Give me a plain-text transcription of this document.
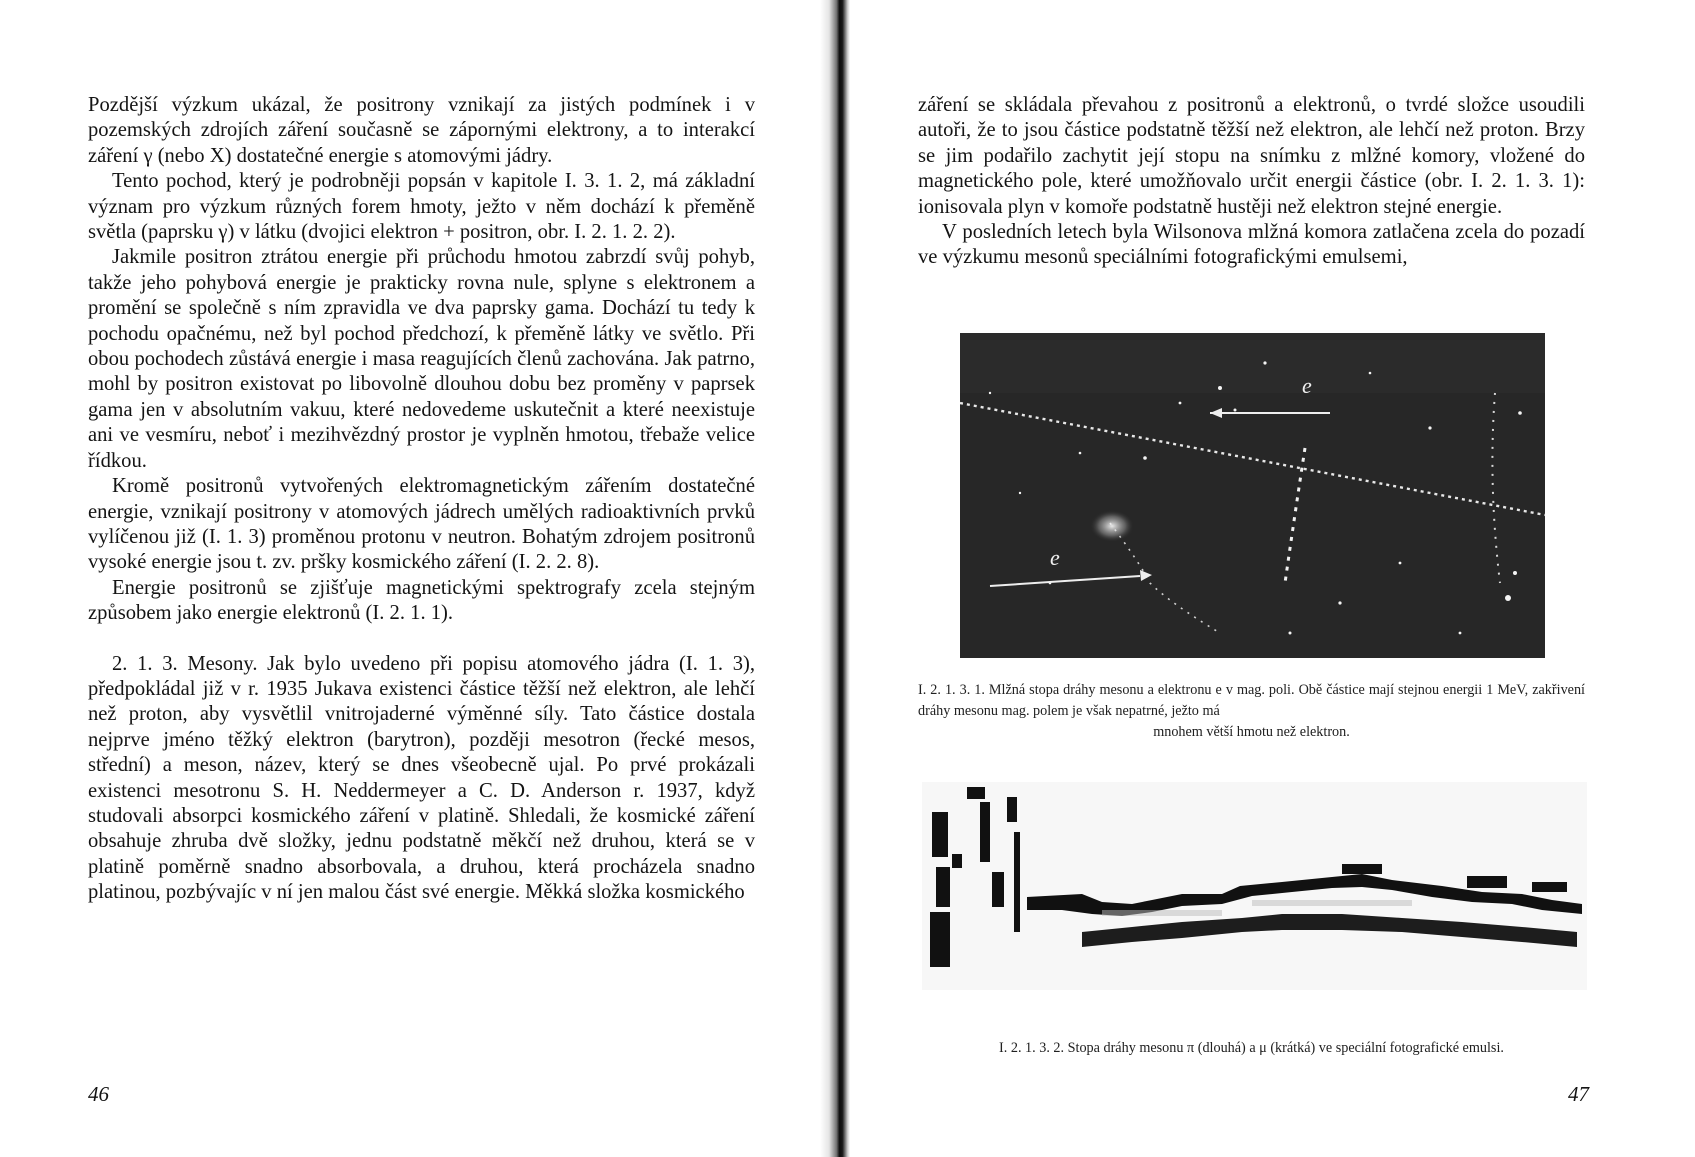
Pozdější výzkum ukázal, že positrony vznikají za jistých podmínek i v pozemských zdrojích záření současně se zápornými elektrony, a to interakcí záření γ (nebo X) dostatečné energie s atomovými jádry.

Tento pochod, který je podrobněji popsán v kapitole I. 3. 1. 2, má základní význam pro výzkum různých forem hmoty, ježto v něm dochází k přeměně světla (paprsku γ) v látku (dvojici elektron + positron, obr. I. 2. 1. 2. 2).

Jakmile positron ztrátou energie při průchodu hmotou zabrzdí svůj pohyb, takže jeho pohybová energie je prakticky rovna nule, splyne s elektronem a promění se společně s ním zpravidla ve dva paprsky gama. Dochází tu tedy k pochodu opačnému, než byl pochod předchozí, k přeměně látky ve světlo. Při obou pochodech zůstává energie i masa reagujících členů zachována. Jak patrno, mohl by positron existovat po libovolně dlouhou dobu bez proměny v paprsek gama jen v absolutním vakuu, které nedovedeme uskutečnit a které neexistuje ani ve vesmíru, neboť i mezihvězdný prostor je vyplněn hmotou, třebaže velice řídkou.

Kromě positronů vytvořených elektromagnetickým zářením dostatečné energie, vznikají positrony v atomových jádrech umělých radioaktivních prvků vylíčenou již (I. 1. 3) proměnou protonu v neutron. Bohatým zdrojem positronů vysoké energie jsou t. zv. pršky kosmického záření (I. 2. 2. 8).

Energie positronů se zjišťuje magnetickými spektrografy zcela stejným způsobem jako energie elektronů (I. 2. 1. 1).

2. 1. 3. Mesony. Jak bylo uvedeno při popisu atomového jádra (I. 1. 3), předpokládal již v r. 1935 Jukava existenci částice těžší než elektron, ale lehčí než proton, aby vysvětlil vnitrojaderné výměnné síly. Tato částice dostala nejprve jméno těžký elektron (barytron), později mesotron (řecké mesos, střední) a meson, název, který se dnes všeobecně ujal. Po prvé prokázali existenci mesotronu S. H. Neddermeyer a C. D. Anderson r. 1937, když studovali absorpci kosmického záření v platině. Shledali, že kosmické záření obsahuje zhruba dvě složky, jednu podstatně měkčí než druhou, která se v platině poměrně snadno absorbovala, a druhou, která procházela snadno platinou, pozbývajíc v ní jen malou část své energie. Měkká složka kosmického

46

záření se skládala převahou z positronů a elektronů, o tvrdé složce usoudili autoři, že to jsou částice podstatně těžší než elektron, ale lehčí než proton. Brzy se jim podařilo zachytit její stopu na snímku z mlžné komory, vložené do magnetického pole, které umožňovalo určit energii částice (obr. I. 2. 1. 3. 1): ionisovala plyn v komoře podstatně hustěji než elektron stejné energie.

V posledních letech byla Wilsonova mlžná komora zatlačena zcela do pozadí ve výzkumu mesonů speciálními fotografickými emulsemi,

e
e
I. 2. 1. 3. 1. Mlžná stopa dráhy mesonu a elektronu e v mag. poli. Obě částice mají stejnou energii 1 MeV, zakřivení dráhy mesonu mag. polem je však nepatrné, ježto má
mnohem větší hmotu než elektron.
I. 2. 1. 3. 2. Stopa dráhy mesonu π (dlouhá) a μ (krátká) ve speciální fotografické emulsi.
47
